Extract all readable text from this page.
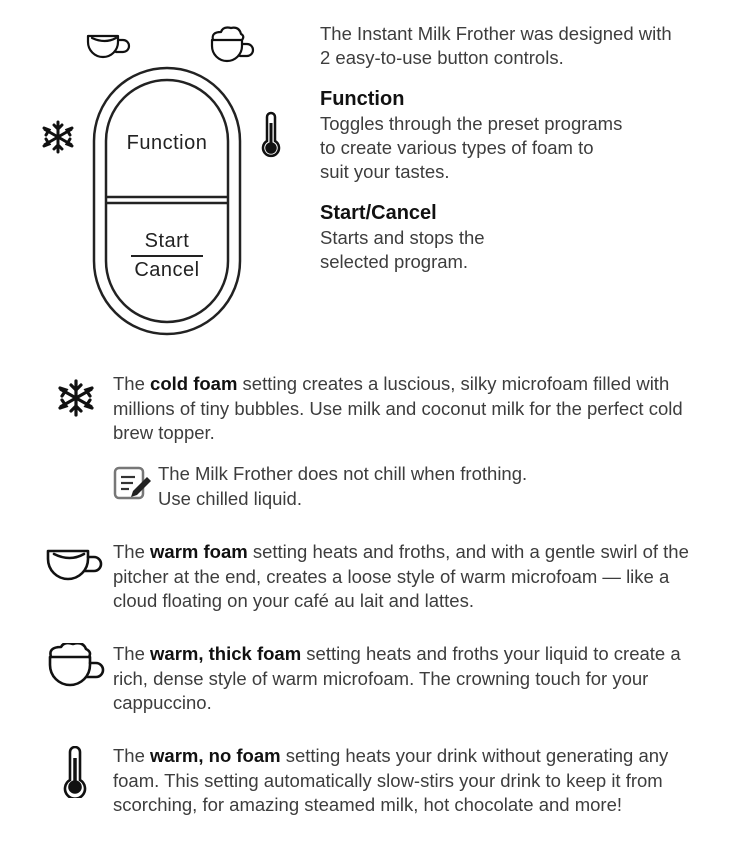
Function
Start
Cancel

The Instant Milk Frother was designed with 2 easy-to-use button controls.

Function

Toggles through the preset programs to create various types of foam to suit your tastes.

Start/Cancel

Starts and stops the selected program.

The cold foam setting creates a luscious, silky microfoam filled with millions of tiny bubbles. Use milk and coconut milk for the perfect cold brew topper.
The Milk Frother does not chill when frothing.
Use chilled liquid.
The warm foam setting heats and froths, and with a gentle swirl of the pitcher at the end, creates a loose style of warm microfoam — like a cloud floating on your café au lait and lattes.
The warm, thick foam setting heats and froths your liquid to create a rich, dense style of warm microfoam. The crowning touch for your cappuccino.
The warm, no foam setting heats your drink without generating any foam. This setting automatically slow-stirs your drink to keep it from scorching, for amazing steamed milk, hot chocolate and more!
